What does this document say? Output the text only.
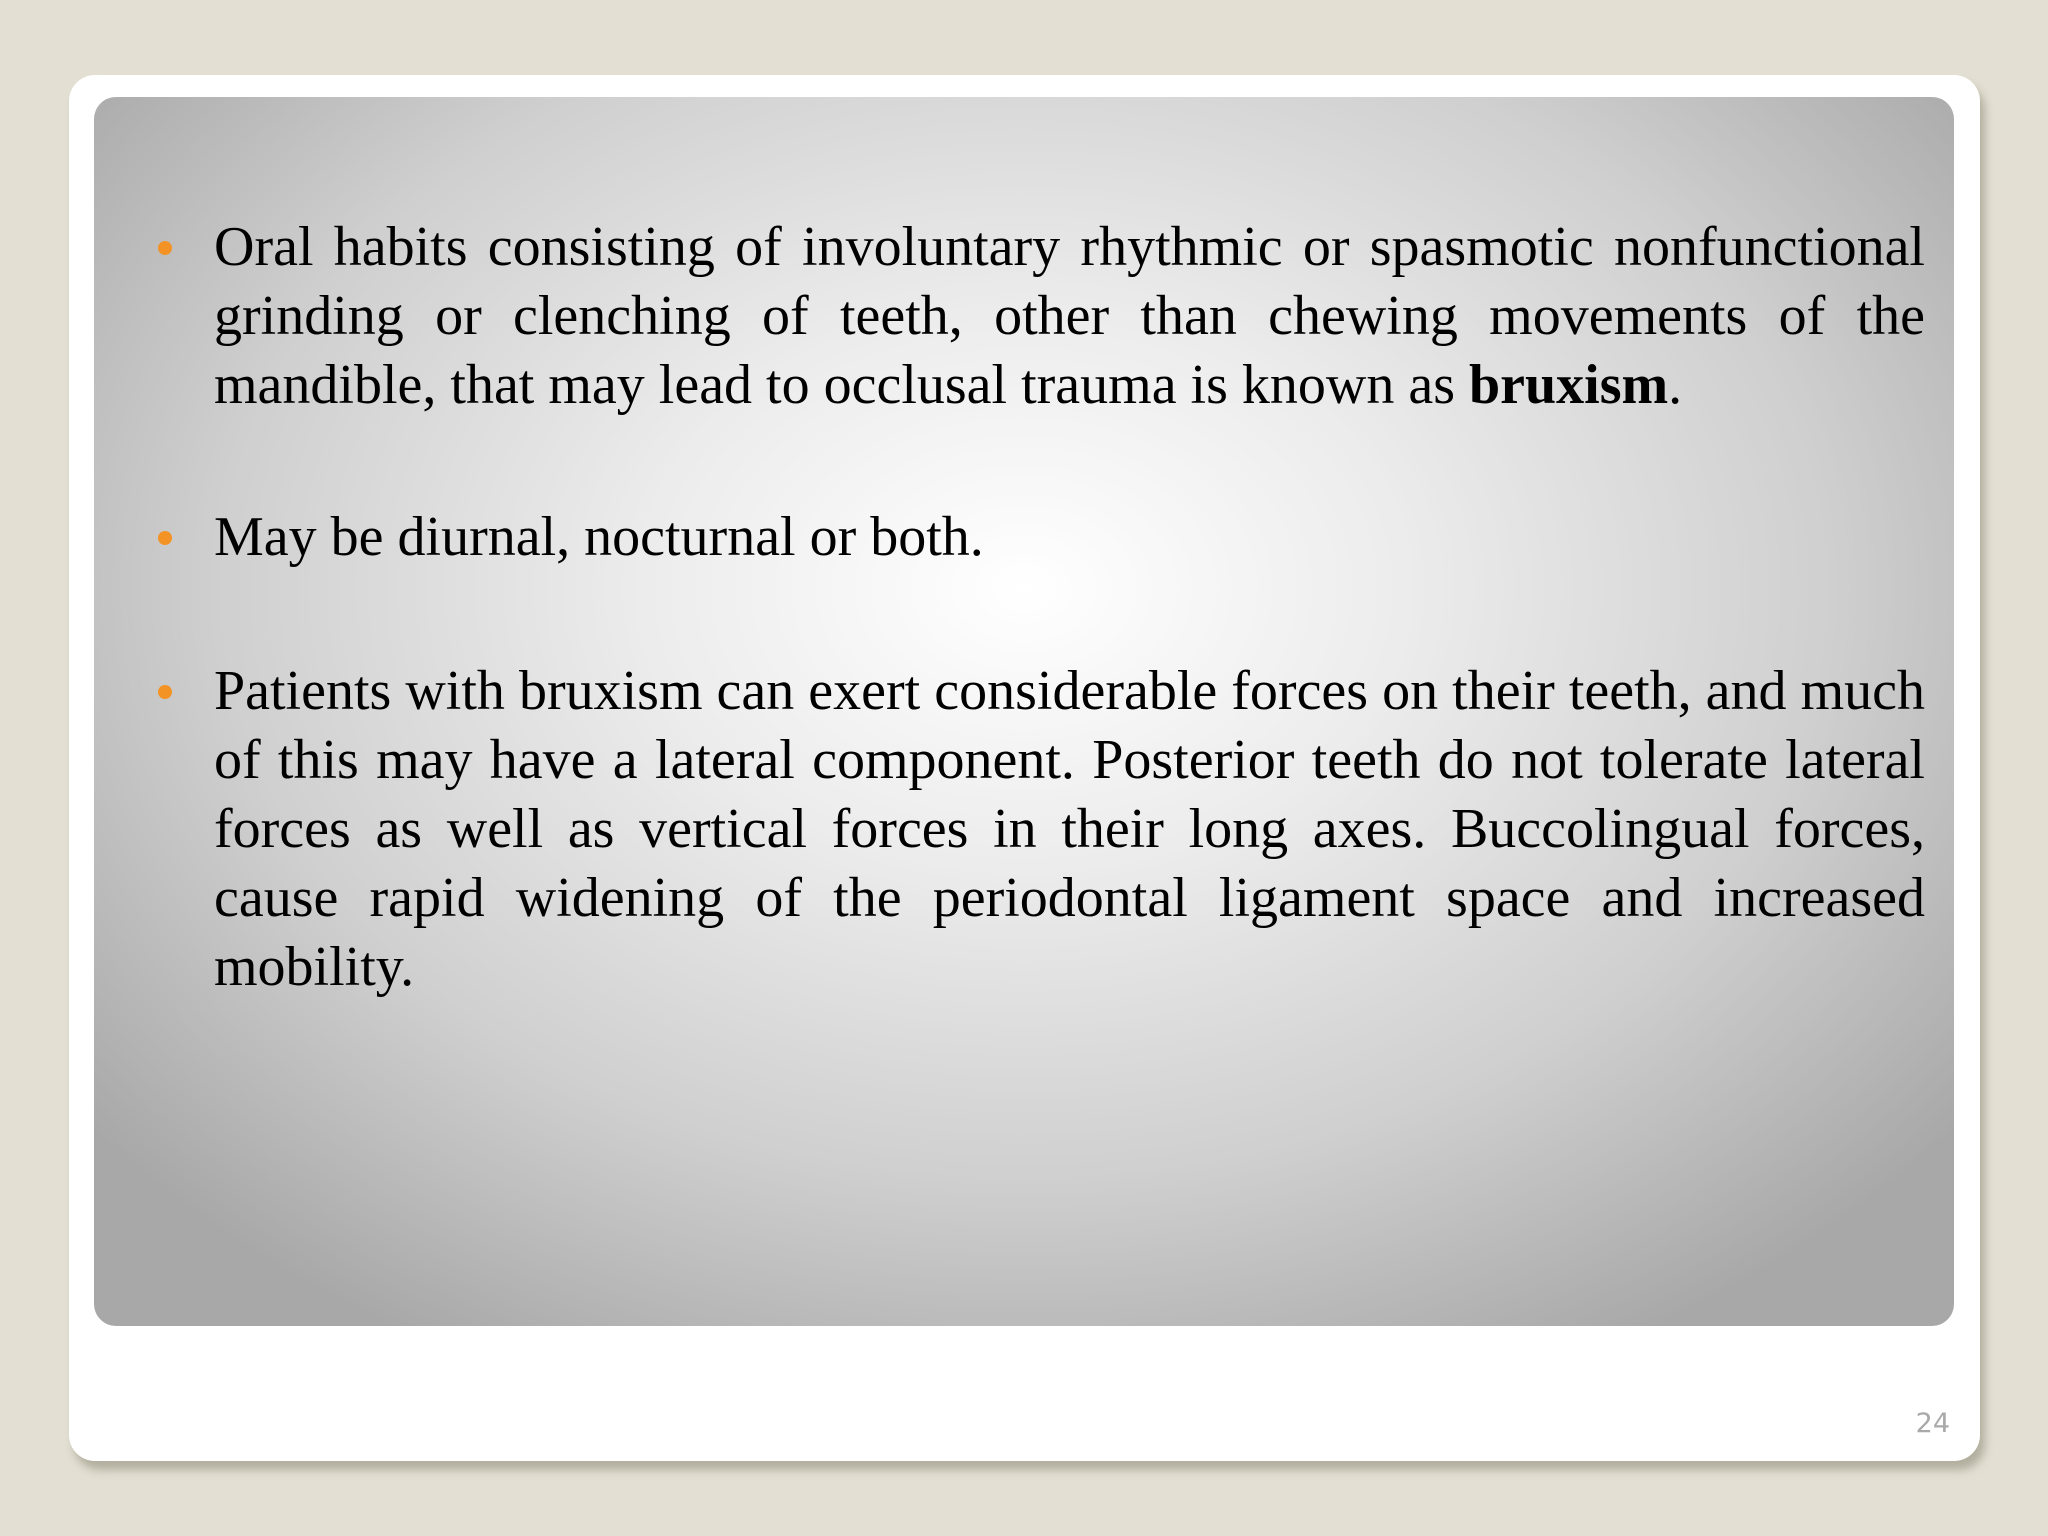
Oral habits consisting of involuntary rhythmic or spasmotic nonfunctional grinding or clenching of teeth, other than chewing movements of the mandible, that may lead to occlusal trauma is known as bruxism.

May be diurnal, nocturnal or both.

Patients with bruxism can exert considerable forces on their teeth, and much of this may have a lateral component. Posterior teeth do not tolerate lateral forces as well as vertical forces in their long axes. Buccolingual forces, cause rapid widening of the periodontal ligament space and increased mobility.

24
